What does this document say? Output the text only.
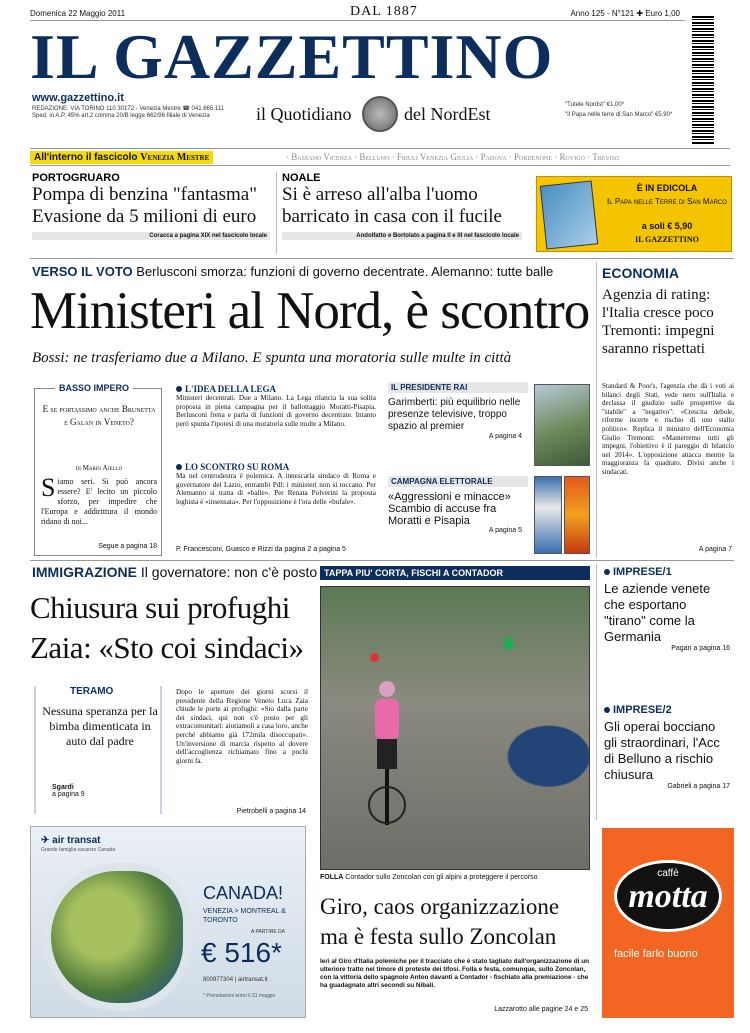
Domenica 22 Maggio 2011	DAL 1887	Anno 125 - N°121 ✚ Euro 1,00
IL GAZZETTINO
www.gazzettino.it
REDAZIONE: VIA TORINO 110 30172 - Venezia Mestre ☎ 041.665.111 Sped. in A.P. 45% art.2 comma 20/B legge 662/96 filiale di Venezia	il Quotidiano	del NordEst	"Tutele Nordst" €1,00*
"Il Papa nelle terre di San Marco" €5,90*
All'interno il fascicolo Venezia Mestre	· Bassano Vicenza · Belluno · Friuli Venezia Giulia · Padova · Pordenone · Rovigo · Treviso
PORTOGRUARO
Pompa di benzina "fantasma" Evasione da 5 milioni di euro
Coracca a pagina XIX nel fascicolo locale
NOALE
Si è arreso all'alba l'uomo barricato in casa con il fucile
Andolfatto e Bortolato a pagina II e III nel fascicolo locale
È IN EDICOLA
Il Papa nelle Terre di San Marco
a soli € 5,90
IL GAZZETTINO
VERSO IL VOTO Berlusconi smorza: funzioni di governo decentrate. Alemanno: tutte balle
Ministeri al Nord, è scontro
Bossi: ne trasferiamo due a Milano. E spunta una moratoria sulle multe in città
ECONOMIA
Agenzia di rating: l'Italia cresce poco Tremonti: impegni saranno rispettati
Standard & Poor's, l'agenzia che dà i voti ai bilanci degli Stati, vede nero sull'Italia e declassa il giudizio sulle prospettive da "stabile" a "negativo": «Crescita debole, riforme incerte e rischio di uno stallo politico». Replica il ministro dell'Economia Giulio Tremonti: «Manterremo tutti gli impegni, l'obiettivo è il pareggio di bilancio nel 2014». L'opposizione attacca mentre la maggioranza fa quadrato. Divisi anche i sindacati.
A pagina 7
BASSO IMPERO
E se portassimo anche Brunetta e Galan in Veneto?
di Mario Ajello
Siamo seri. Si può ancora essere? E' lecito un piccolo sforzo, per impedire che l'Europa e addirittura il mondo ridano di noi...
Segue a pagina 18
L'IDEA DELLA LEGA
Ministeri decentrati. Due a Milano. La Lega rilancia la sua solita proposta in piena campagna per il ballottaggio Moratti-Pisapia. Berlusconi frena e parla di funzioni di governo decentrate. Intanto però spunta l'ipotesi di una moratoria sulle multe a Milano.
LO SCONTRO SU ROMA
Ma nel centrodestra è polemica. A innescarla sindaco di Roma e governatore del Lazio, entrambi Pdl: i ministeri non si toccano. Per Alemanno si tratta di «balle». Per Renata Polverini la proposta leghista è «insensata». Per l'opposizione è l'ora delle «bufale».
P. Francesconi, Guasco e Rizzi da pagina 2 a pagina 5
IL PRESIDENTE RAI
Garimberti: più equilibrio nelle presenze televisive, troppo spazio al premier
A pagina 4
CAMPAGNA ELETTORALE
«Aggressioni e minacce» Scambio di accuse fra Moratti e Pisapia
A pagina 5
IMMIGRAZIONE Il governatore: non c'è posto
Chiusura sui profughi
Zaia: «Sto coi sindaci»
TERAMO
Nessuna speranza per la bimba dimenticata in auto dal padre
Sgardi
a pagina 9
Dopo le aperture dei giorni scorsi il presidente della Regione Veneto Luca Zaia chiude le porte ai profughi: «Sto dalla parte dei sindaci, qui non c'è posto per gli extracomunitari: aiutiamoli a casa loro, anche perché abbiamo già 172mila disoccupati». Un'inversione di marcia rispetto al dovere dell'accoglienza richiamato fino a pochi giorni fa.
Pietrobelli a pagina 14
TAPPA PIU' CORTA, FISCHI A CONTADOR
FOLLA Contador sullo Zoncolan con gli alpini a proteggere il percorso
Giro, caos organizzazione ma è festa sullo Zoncolan
Ieri al Giro d'Italia polemiche per il tracciato che è stato tagliato dall'organizzazione di un ulteriore tratto nel timore di proteste dei tifosi. Folla e festa, comunque, sullo Zoncolan, con la vittoria dello spagnolo Anton davanti a Contador - fischiato alla premiazione - che ha guadagnato altri secondi su Nibali.
Lazzarotto alle pagine 24 e 25
IMPRESE/1
Le aziende venete che esportano "tirano" come la Germania
Pagan a pagina 16
IMPRESE/2
Gli operai bocciano gli straordinari, l'Acc di Belluno a rischio chiusura
Gabrieli a pagina 17
✈ air transat
Grande famiglia vacanze Canada
CANADA!
VENEZIA > MONTREAL & TORONTO
A PARTIRE DA
€ 516*
800977304 | airtransat.it
* Prenotazioni entro il 31 maggio
caffè
motta
facile farlo buono
